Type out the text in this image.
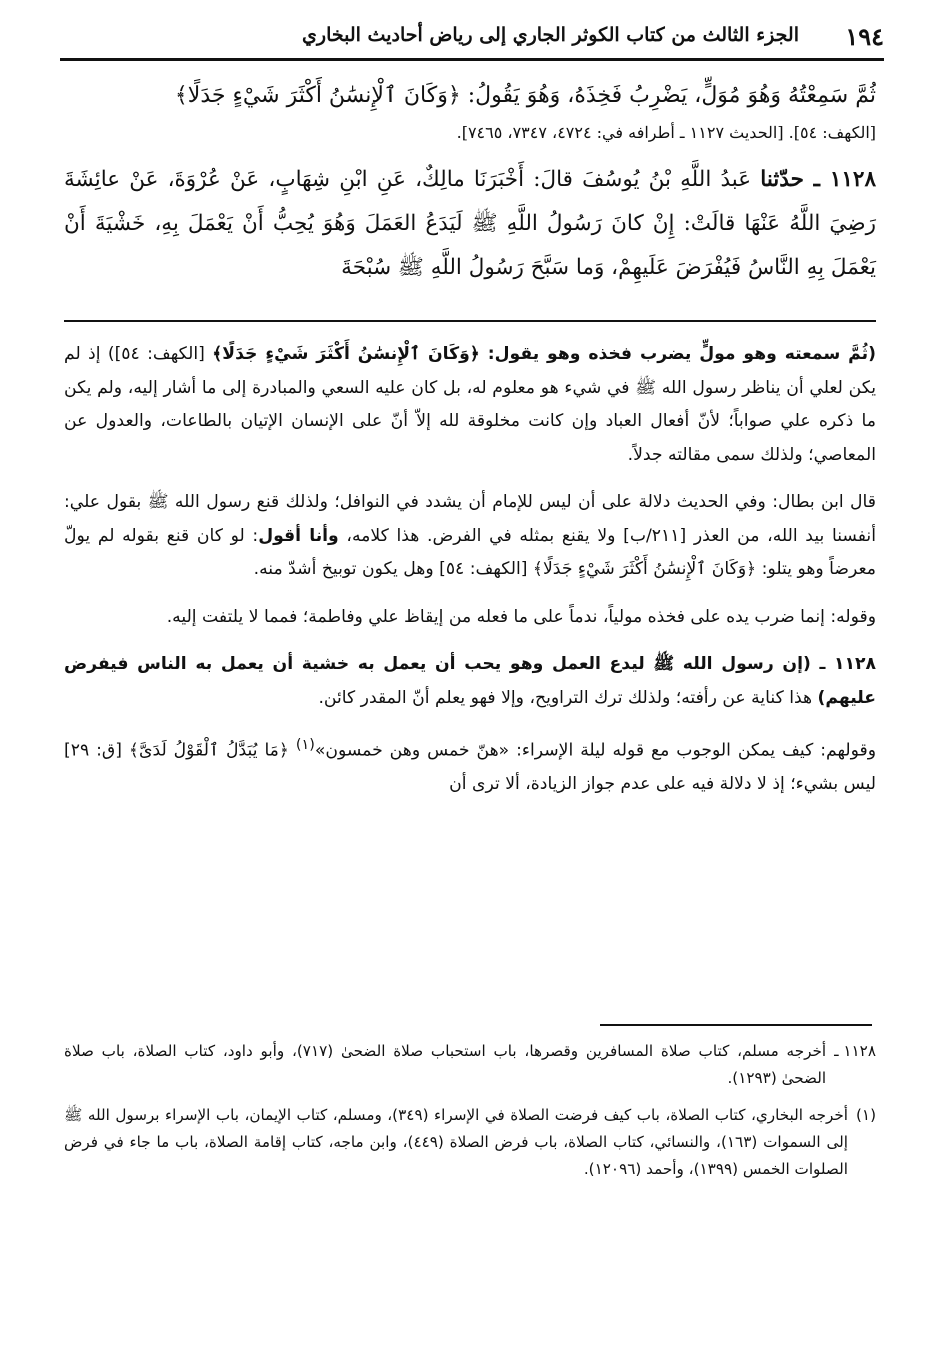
١٩٤
الجزء الثالث من كتاب الكوثر الجاري إلى رياض أحاديث البخاري

ثُمَّ سَمِعْتُهُ وَهُوَ مُوَلٍّ، يَضْرِبُ فَخِذَهُ، وَهُوَ يَقُولُ: ﴿وَكَانَ ٱلْإِنسَٰنُ أَكْثَرَ شَيْءٍ جَدَلًا﴾

[الكهف: ٥٤]. [الحديث ١١٢٧ ـ أطرافه في: ٤٧٢٤، ٧٣٤٧، ٧٤٦٥].

١١٢٨ ـ حدّثنا عَبدُ اللَّهِ بْنُ يُوسُفَ قالَ: أَخْبَرَنَا مالِكٌ، عَنِ ابْنِ شِهَابٍ، عَنْ عُرْوَةَ، عَنْ عائِشَةَ رَضِيَ اللَّهُ عَنْهَا قالَتْ: إِنْ كانَ رَسُولُ اللَّهِ ﷺ لَيَدَعُ العَمَلَ وَهُوَ يُحِبُّ أَنْ يَعْمَلَ بِهِ، خَشْيَةَ أَنْ يَعْمَلَ بِهِ النَّاسُ فَيُفْرَضَ عَلَيهِمْ، وَما سَبَّحَ رَسُولُ اللَّهِ ﷺ سُبْحَةَ

(ثُمَّ سمعته وهو مولٍّ يضرب فخذه وهو يقول: ﴿وَكَانَ ٱلْإِنسَٰنُ أَكْثَرَ شَيْءٍ جَدَلًا﴾ [الكهف: ٥٤]) إذ لم يكن لعلي أن يناظر رسول الله ﷺ في شيء هو معلوم له، بل كان عليه السعي والمبادرة إلى ما أشار إليه، ولم يكن ما ذكره علي صواباً؛ لأنّ أفعال العباد وإن كانت مخلوقة لله إلاّ أنّ على الإنسان الإتيان بالطاعات، والعدول عن المعاصي؛ ولذلك سمى مقالته جدلاً.

قال ابن بطال: وفي الحديث دلالة على أن ليس للإمام أن يشدد في النوافل؛ ولذلك قنع رسول الله ﷺ بقول علي: أنفسنا بيد الله، من العذر [٢١١/ب] ولا يقنع بمثله في الفرض. هذا كلامه، وأنا أقول: لو كان قنع بقوله لم يولّ معرضاً وهو يتلو: ﴿وَكَانَ ٱلْإِنسَٰنُ أَكْثَرَ شَيْءٍ جَدَلًا﴾ [الكهف: ٥٤] وهل يكون توبيخ أشدّ منه.

وقوله: إنما ضرب يده على فخذه مولياً، ندماً على ما فعله من إيقاظ علي وفاطمة؛ فمما لا يلتفت إليه.

١١٢٨ ـ (إن رسول الله ﷺ ليدع العمل وهو يحب أن يعمل به خشية أن يعمل به الناس فيفرض عليهم) هذا كناية عن رأفته؛ ولذلك ترك التراويح، وإلا فهو يعلم أنّ المقدر كائن.

وقولهم: كيف يمكن الوجوب مع قوله ليلة الإسراء: «هنّ خمس وهن خمسون»$^{(١)}$ ﴿مَا يُبَدَّلُ ٱلْقَوْلُ لَدَىَّ﴾ [ق: ٢٩] ليس بشيء؛ إذ لا دلالة فيه على عدم جواز الزيادة، ألا ترى أن

١١٢٨ ـ
أخرجه مسلم، كتاب صلاة المسافرين وقصرها، باب استحباب صلاة الضحىٰ (٧١٧)، وأبو داود، كتاب الصلاة، باب صلاة الضحىٰ (١٢٩٣).
(١)
أخرجه البخاري، كتاب الصلاة، باب كيف فرضت الصلاة في الإسراء (٣٤٩)، ومسلم، كتاب الإيمان، باب الإسراء برسول الله ﷺ إلى السموات (١٦٣)، والنسائي، كتاب الصلاة، باب فرض الصلاة (٤٤٩)، وابن ماجه، كتاب إقامة الصلاة، باب ما جاء في فرض الصلوات الخمس (١٣٩٩)، وأحمد (١٢٠٩٦).
